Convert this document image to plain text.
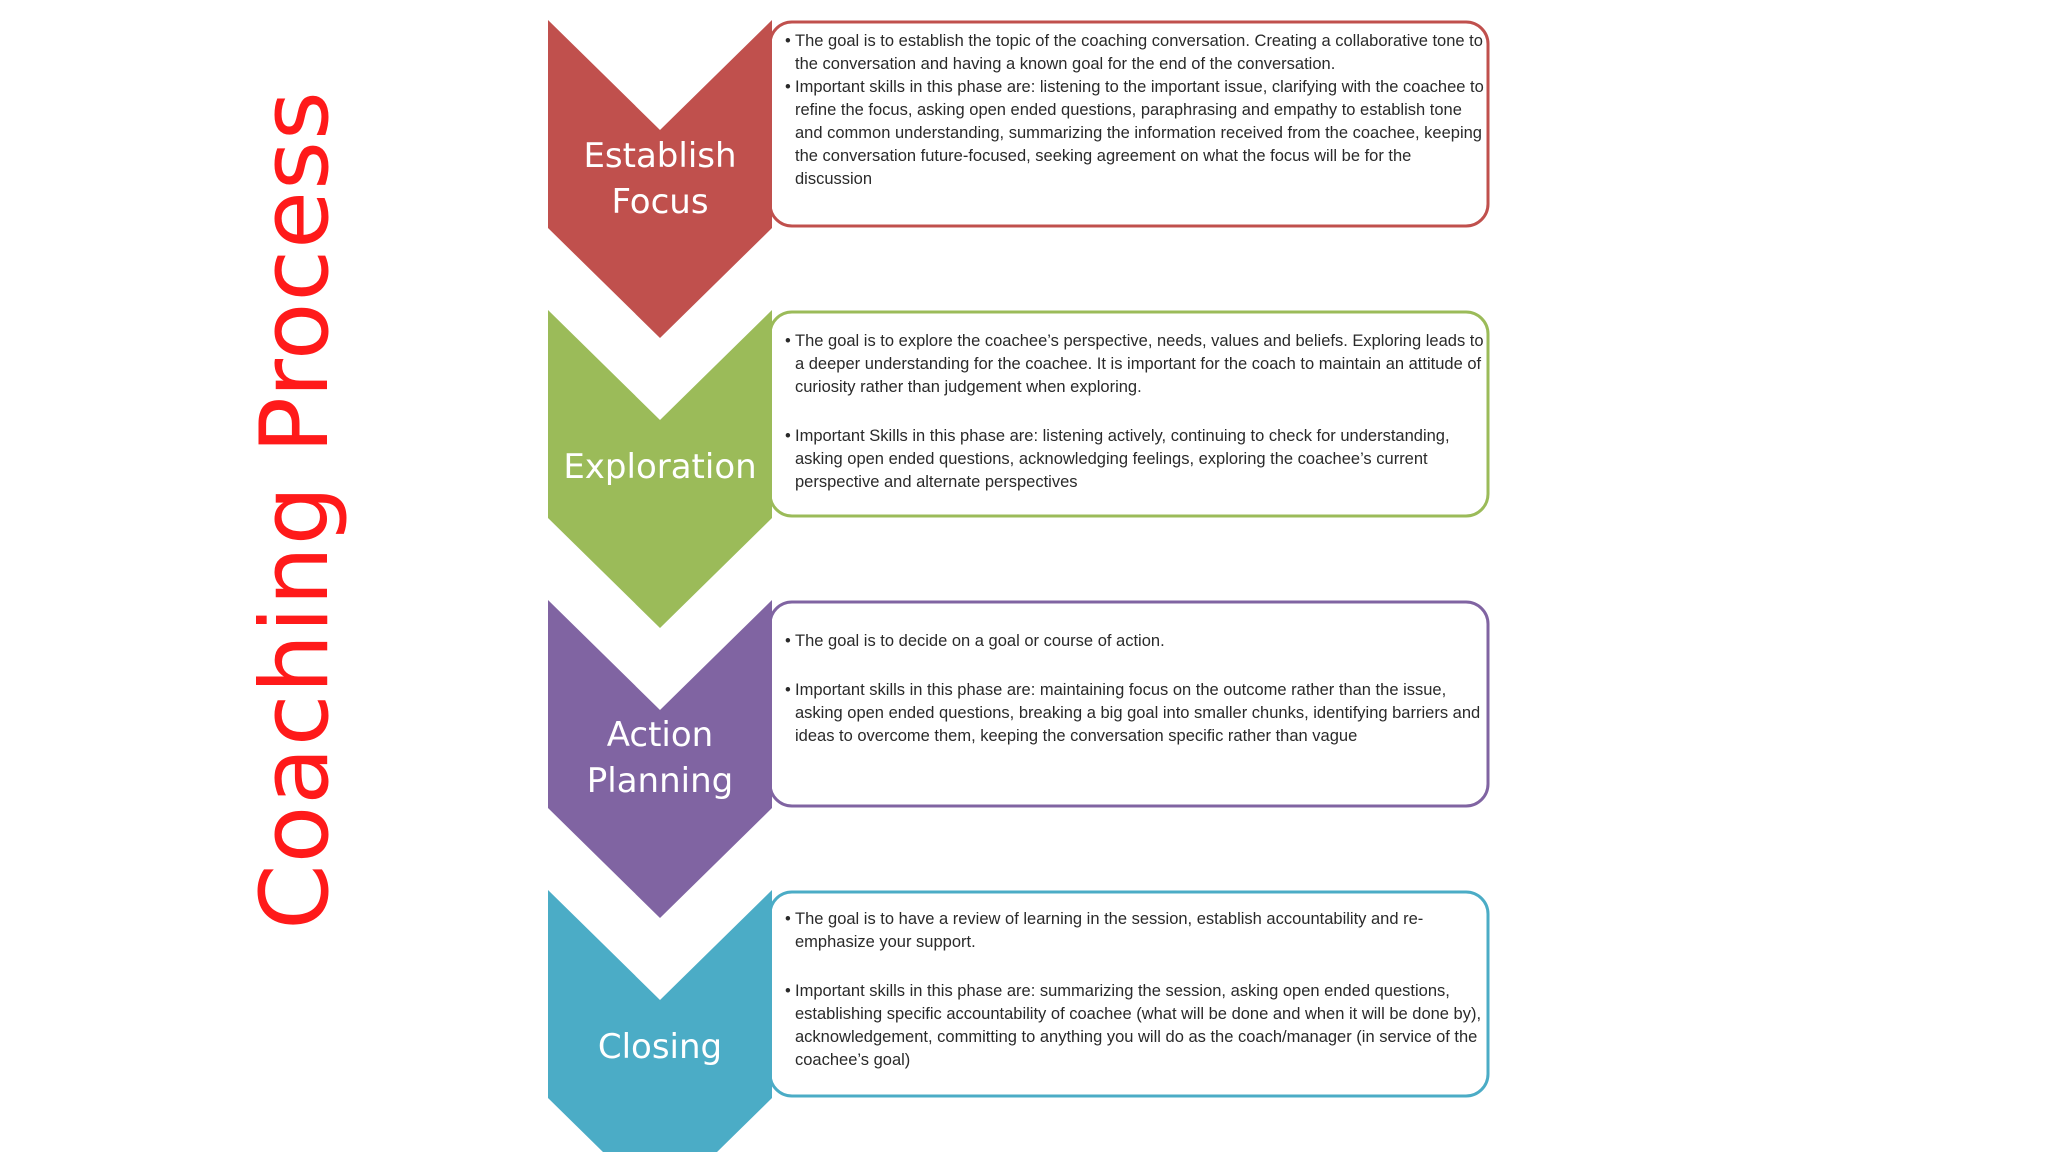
Coaching Process	Establish
Focus
Exploration
Action
Planning
Closing

• The goal is to establish the topic of the coaching conversation. Creating a collaborative tone to the conversation and having a known goal for the end of the conversation.

• Important skills in this phase are: listening to the important issue, clarifying with the coachee to refine the focus, asking open ended questions, paraphrasing and empathy to establish tone and common understanding, summarizing the information received from the coachee, keeping the conversation future-focused, seeking agreement on what the focus will be for the discussion

• The goal is to explore the coachee’s perspective, needs, values and beliefs. Exploring leads to a deeper understanding for the coachee. It is important for the coach to maintain an attitude of curiosity rather than judgement when exploring.

• Important Skills in this phase are: listening actively, continuing to check for understanding, asking open ended questions, acknowledging feelings, exploring the coachee’s current perspective and alternate perspectives

• The goal is to decide on a goal or course of action.

• Important skills in this phase are: maintaining focus on the outcome rather than the issue, asking open ended questions, breaking a big goal into smaller chunks, identifying barriers and ideas to overcome them, keeping the conversation specific rather than vague

• The goal is to have a review of learning in the session, establish accountability and re-emphasize your support.

• Important skills in this phase are: summarizing the session, asking open ended questions, establishing specific accountability of coachee (what will be done and when it will be done by), acknowledgement, committing to anything you will do as the coach/manager (in service of the coachee’s goal)
